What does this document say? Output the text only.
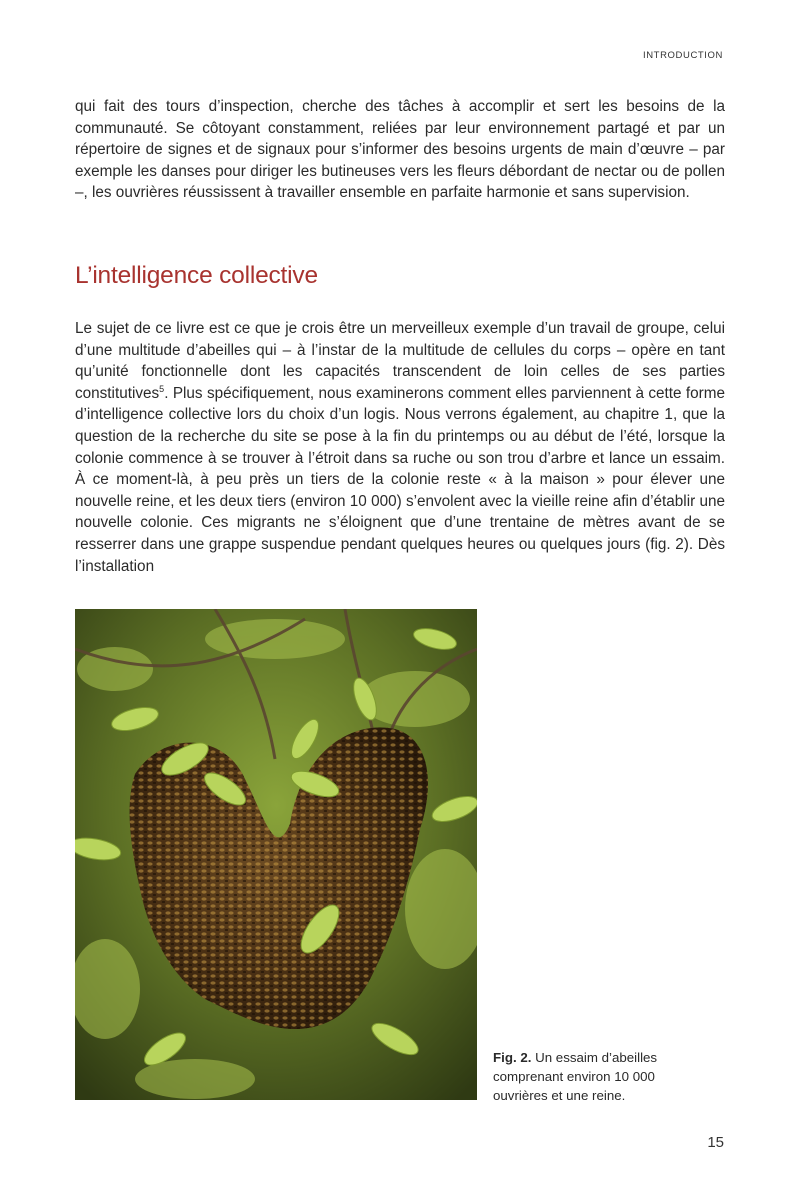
INTRODUCTION

qui fait des tours d’inspection, cherche des tâches à accomplir et sert les besoins de la communauté. Se côtoyant constamment, reliées par leur environnement partagé et par un répertoire de signes et de signaux pour s’informer des besoins urgents de main d’œuvre – par exemple les danses pour diriger les butineuses vers les fleurs débordant de nectar ou de pollen –, les ouvrières réussissent à travailler ensemble en parfaite harmonie et sans supervision.

L’intelligence collective

Le sujet de ce livre est ce que je crois être un merveilleux exemple d’un travail de groupe, celui d’une multitude d’abeilles qui – à l’instar de la multitude de cellules du corps – opère en tant qu’unité fonctionnelle dont les capacités transcendent de loin celles de ses parties constitutives$^5$. Plus spécifiquement, nous examinerons comment elles parviennent à cette forme d’intelligence collective lors du choix d’un logis. Nous verrons également, au chapitre 1, que la question de la recherche du site se pose à la fin du printemps ou au début de l’été, lorsque la colonie commence à se trouver à l’étroit dans sa ruche ou son trou d’arbre et lance un essaim. À ce moment-là, à peu près un tiers de la colonie reste « à la maison » pour élever une nouvelle reine, et les deux tiers (environ 10 000) s’envolent avec la vieille reine afin d’établir une nouvelle colonie. Ces migrants ne s’éloignent que d’une trentaine de mètres avant de se resserrer dans une grappe suspendue pendant quelques heures ou quelques jours (fig. 2). Dès l’installation

Fig. 2. Un essaim d’abeilles comprenant environ 10 000 ouvrières et une reine.

15
